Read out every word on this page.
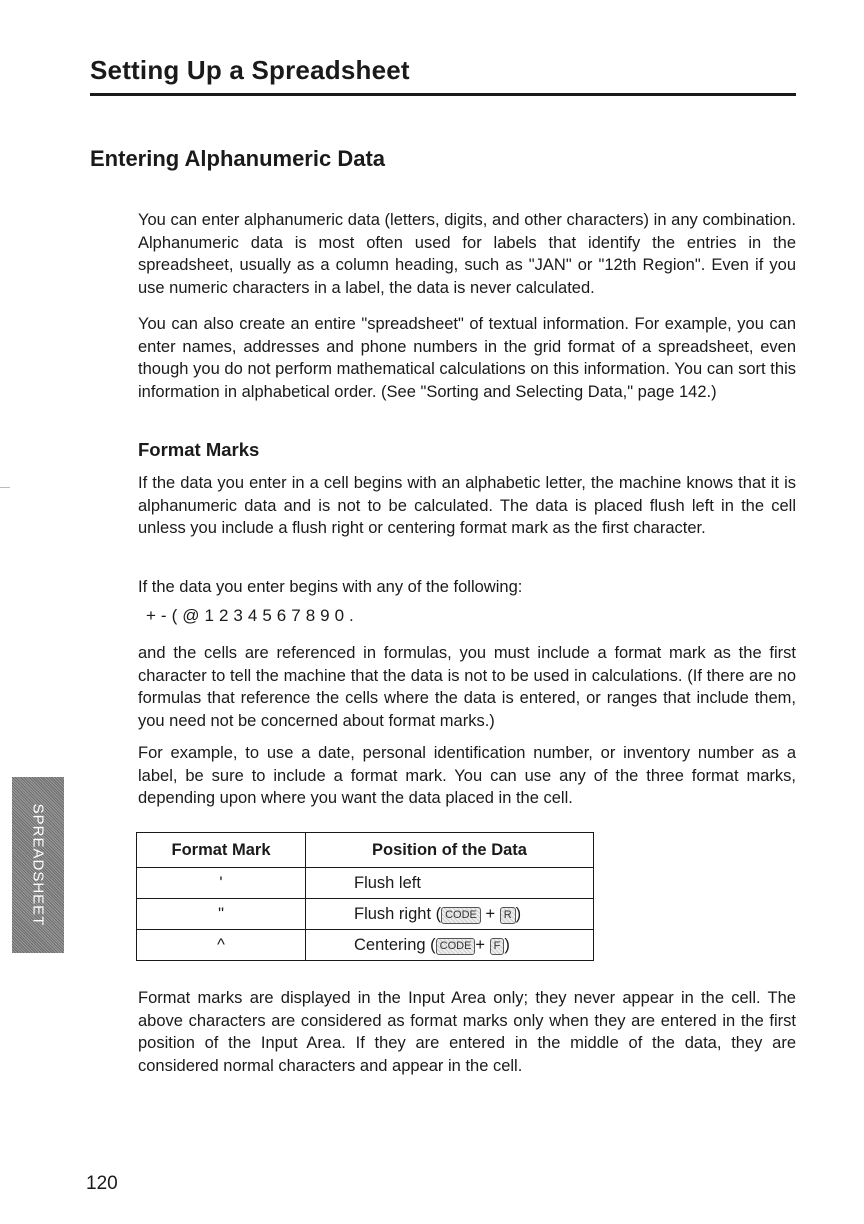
Setting Up a Spreadsheet
Entering Alphanumeric Data

You can enter alphanumeric data (letters, digits, and other characters) in any combination. Alphanumeric data is most often used for labels that identify the entries in the spreadsheet, usually as a column heading, such as "JAN" or "12th Region". Even if you use numeric characters in a label, the data is never calculated.

You can also create an entire "spreadsheet" of textual information. For example, you can enter names, addresses and phone numbers in the grid format of a spreadsheet, even though you do not perform mathematical calculations on this information. You can sort this information in alphabetical order. (See "Sorting and Selecting Data," page 142.)

Format Marks

If the data you enter in a cell begins with an alphabetic letter, the machine knows that it is alphanumeric data and is not to be calculated. The data is placed flush left in the cell unless you include a flush right or centering format mark as the first character.

If the data you enter begins with any of the following:

+-(@1234567890.

and the cells are referenced in formulas, you must include a format mark as the first character to tell the machine that the data is not to be used in calculations. (If there are no formulas that reference the cells where the data is entered, or ranges that include them, you need not be concerned about format marks.)

For example, to use a date, personal identification number, or inventory number as a label, be sure to include a format mark. You can use any of the three format marks, depending upon where you want the data placed in the cell.

Format Mark	Position of the Data
'	Flush left
"	Flush right ( CODE + R )
^	Centering ( CODE + F )

Format marks are displayed in the Input Area only; they never appear in the cell. The above characters are considered as format marks only when they are entered in the first position of the Input Area. If they are entered in the middle of the data, they are considered normal characters and appear in the cell.

SPREADSHEET
120
